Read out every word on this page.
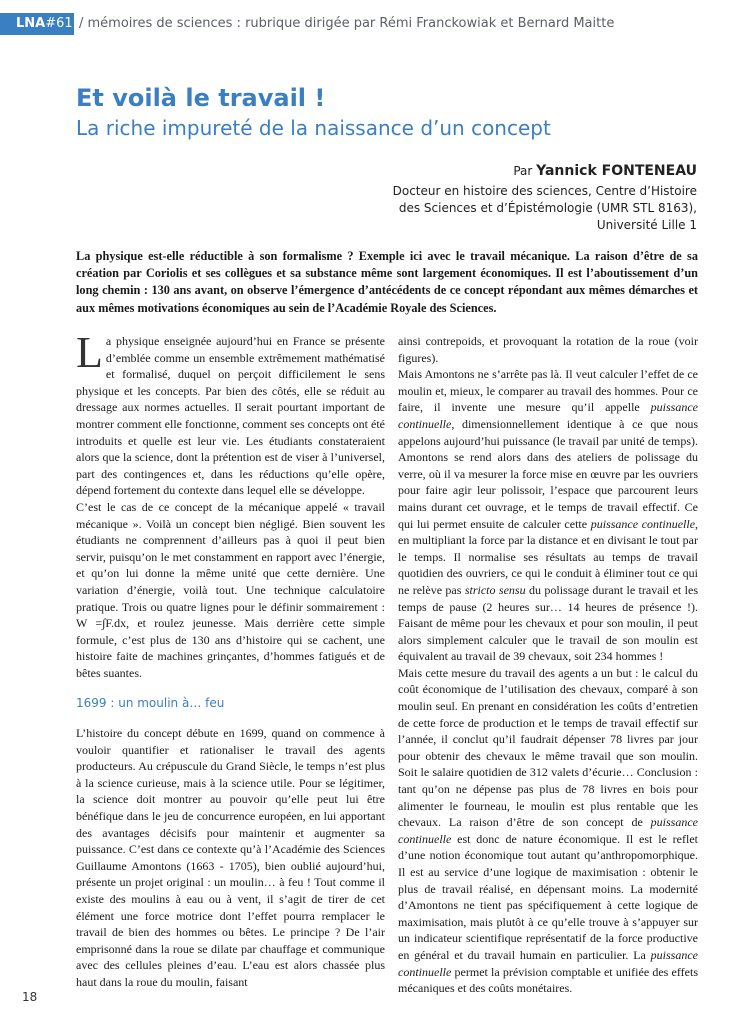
LNA#61 / mémoires de sciences : rubrique dirigée par Rémi Franckowiak et Bernard Maitte
Et voilà le travail !
La riche impureté de la naissance d’un concept
Par Yannick FONTENEAU
Docteur en histoire des sciences, Centre d’Histoire
des Sciences et d’Épistémologie (UMR STL 8163),
Université Lille 1
La physique est-elle réductible à son formalisme ? Exemple ici avec le travail mécanique. La raison d’être de sa création par Coriolis et ses collègues et sa substance même sont largement économiques. Il est l’aboutissement d’un long chemin : 130 ans avant, on observe l’émergence d’antécédents de ce concept répondant aux mêmes démarches et aux mêmes motivations économiques au sein de l’Académie Royale des Sciences.

La physique enseignée aujourd’hui en France se présente d’emblée comme un ensemble extrêmement mathématisé et formalisé, duquel on perçoit difficilement le sens physique et les concepts. Par bien des côtés, elle se réduit au dressage aux normes actuelles. Il serait pourtant important de montrer comment elle fonctionne, comment ses concepts ont été introduits et quelle est leur vie. Les étudiants constateraient alors que la science, dont la prétention est de viser à l’universel, part des contingences et, dans les réductions qu’elle opère, dépend fortement du contexte dans lequel elle se développe.

C’est le cas de ce concept de la mécanique appelé « travail mécanique ». Voilà un concept bien négligé. Bien souvent les étudiants ne comprennent d’ailleurs pas à quoi il peut bien servir, puisqu’on le met constamment en rapport avec l’énergie, et qu’on lui donne la même unité que cette dernière. Une variation d’énergie, voilà tout. Une technique calculatoire pratique. Trois ou quatre lignes pour le définir sommairement : W =∫F.dx, et roulez jeunesse. Mais derrière cette simple formule, c’est plus de 130 ans d’histoire qui se cachent, une histoire faite de machines grinçantes, d’hommes fatigués et de bêtes suantes.

1699 : un moulin à… feu

L’histoire du concept débute en 1699, quand on commence à vouloir quantifier et rationaliser le travail des agents producteurs. Au crépuscule du Grand Siècle, le temps n’est plus à la science curieuse, mais à la science utile. Pour se légitimer, la science doit montrer au pouvoir qu’elle peut lui être bénéfique dans le jeu de concurrence européen, en lui apportant des avantages décisifs pour maintenir et augmenter sa puissance. C’est dans ce contexte qu’à l’Académie des Sciences Guillaume Amontons (1663 - 1705), bien oublié aujourd’hui, présente un projet original : un moulin… à feu ! Tout comme il existe des moulins à eau ou à vent, il s’agit de tirer de cet élément une force motrice dont l’effet pourra remplacer le travail de bien des hommes ou bêtes. Le principe ? De l’air emprisonné dans la roue se dilate par chauffage et communique avec des cellules pleines d’eau. L’eau est alors chassée plus haut dans la roue du moulin, faisant

ainsi contrepoids, et provoquant la rotation de la roue (voir figures).

Mais Amontons ne s’arrête pas là. Il veut calculer l’effet de ce moulin et, mieux, le comparer au travail des hommes. Pour ce faire, il invente une mesure qu’il appelle puissance continuelle, dimensionnellement identique à ce que nous appelons aujourd’hui puissance (le travail par unité de temps). Amontons se rend alors dans des ateliers de polissage du verre, où il va mesurer la force mise en œuvre par les ouvriers pour faire agir leur polissoir, l’espace que parcourent leurs mains durant cet ouvrage, et le temps de travail effectif. Ce qui lui permet ensuite de calculer cette puissance continuelle, en multipliant la force par la distance et en divisant le tout par le temps. Il normalise ses résultats au temps de travail quotidien des ouvriers, ce qui le conduit à éliminer tout ce qui ne relève pas stricto sensu du polissage durant le travail et les temps de pause (2 heures sur… 14 heures de présence !). Faisant de même pour les chevaux et pour son moulin, il peut alors simplement calculer que le travail de son moulin est équivalent au travail de 39 chevaux, soit 234 hommes !

Mais cette mesure du travail des agents a un but : le calcul du coût économique de l’utilisation des chevaux, comparé à son moulin seul. En prenant en considération les coûts d’entretien de cette force de production et le temps de travail effectif sur l’année, il conclut qu’il faudrait dépenser 78 livres par jour pour obtenir des chevaux le même travail que son moulin. Soit le salaire quotidien de 312 valets d’écurie… Conclusion : tant qu’on ne dépense pas plus de 78 livres en bois pour alimenter le fourneau, le moulin est plus rentable que les chevaux. La raison d’être de son concept de puissance continuelle est donc de nature économique. Il est le reflet d’une notion économique tout autant qu’anthropomorphique. Il est au service d’une logique de maximisation : obtenir le plus de travail réalisé, en dépensant moins. La modernité d’Amontons ne tient pas spécifiquement à cette logique de maximisation, mais plutôt à ce qu’elle trouve à s’appuyer sur un indicateur scientifique représentatif de la force productive en général et du travail humain en particulier. La puissance continuelle permet la prévision comptable et unifiée des effets mécaniques et des coûts monétaires.

18
